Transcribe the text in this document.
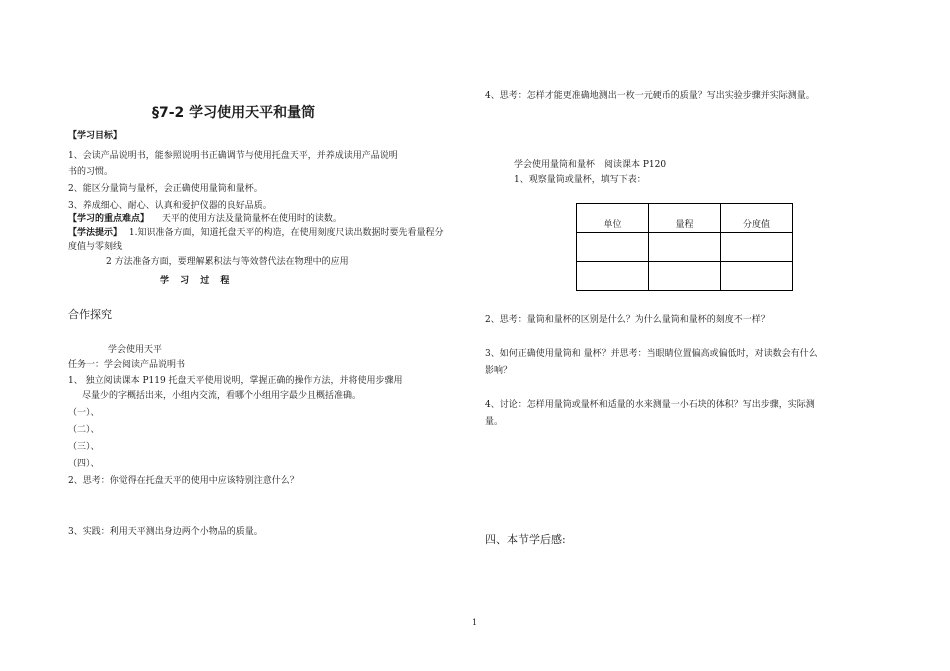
§7-2 学习使用天平和量筒
【学习目标】
1、会读产品说明书，能参照说明书正确调节与使用托盘天平，并养成读用产品说明
书的习惯。
2、能区分量筒与量杯，会正确使用量筒和量杯。
3、养成细心、耐心、认真和爱护仪器的良好品质。
【学习的重点难点】 天平的使用方法及量筒量杯在使用时的读数。
【学法提示】 1.知识准备方面，知道托盘天平的构造，在使用刻度尺读出数据时要先看量程分
度值与零刻线
2 方法准备方面，要理解累积法与等效替代法在物理中的应用
学 习 过 程
合作探究
学会使用天平
任务一：学会阅读产品说明书
1、 独立阅读课本 P119 托盘天平使用说明，掌握正确的操作方法，并将使用步骤用
尽量少的字概括出来，小组内交流，看哪个小组用字最少且概括准确。
（一）、
（二）、
（三）、
（四）、
2、思考：你觉得在托盘天平的使用中应该特别注意什么？
3、实践：利用天平测出身边两个小物品的质量。
4、思考：怎样才能更准确地测出一枚一元硬币的质量？写出实验步骤并实际测量。
学会使用量筒和量杯　阅读课本 P120
1、观察量筒或量杯，填写下表：
单位	量程	分度值

2、思考：量筒和量杯的区别是什么？为什么量筒和量杯的刻度不一样？
3、如何正确使用量筒和 量杯？并思考：当眼睛位置偏高或偏低时，对读数会有什么
影响？
4、讨论：怎样用量筒或量杯和适量的水来测量一小石块的体积？写出步骤，实际测
量。
四、本节学后感:
1
